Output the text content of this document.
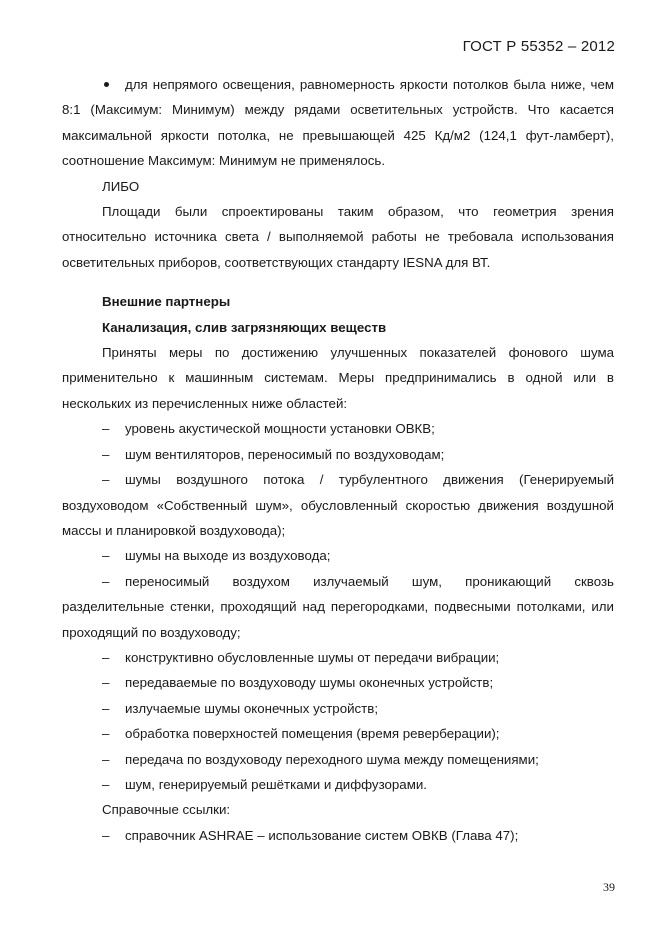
ГОСТ Р 55352 – 2012

для непрямого освещения, равномерность яркости потолков была ниже, чем 8:1 (Максимум: Минимум) между рядами осветительных устройств. Что касается максимальной яркости потолка, не превышающей 425 Кд/м2 (124,1 фут-ламберт), соотношение Максимум: Минимум не применялось.

ЛИБО

Площади были спроектированы таким образом, что геометрия зрения относительно источника света / выполняемой работы не требовала использования осветительных приборов, соответствующих стандарту IESNA для ВТ.

Внешние партнеры

Канализация, слив загрязняющих веществ

Приняты меры по достижению улучшенных показателей фонового шума применительно к машинным системам. Меры предпринимались в одной или в нескольких из перечисленных ниже областей:

– уровень акустической мощности установки ОВКВ;

– шум вентиляторов, переносимый по воздуховодам;

– шумы воздушного потока / турбулентного движения (Генерируемый воздуховодом «Собственный шум», обусловленный скоростью движения воздушной массы и планировкой воздуховода);

– шумы на выходе из воздуховода;

– переносимый воздухом излучаемый шум, проникающий сквозь разделительные стенки, проходящий над перегородками, подвесными потолками, или проходящий по воздуховоду;

– конструктивно обусловленные шумы от передачи вибрации;

– передаваемые по воздуховоду шумы оконечных устройств;

– излучаемые шумы оконечных устройств;

– обработка поверхностей помещения (время реверберации);

– передача по воздуховоду переходного шума между помещениями;

– шум, генерируемый решётками и диффузорами.

Справочные ссылки:

– справочник ASHRAE – использование систем ОВКВ (Глава 47);

39
